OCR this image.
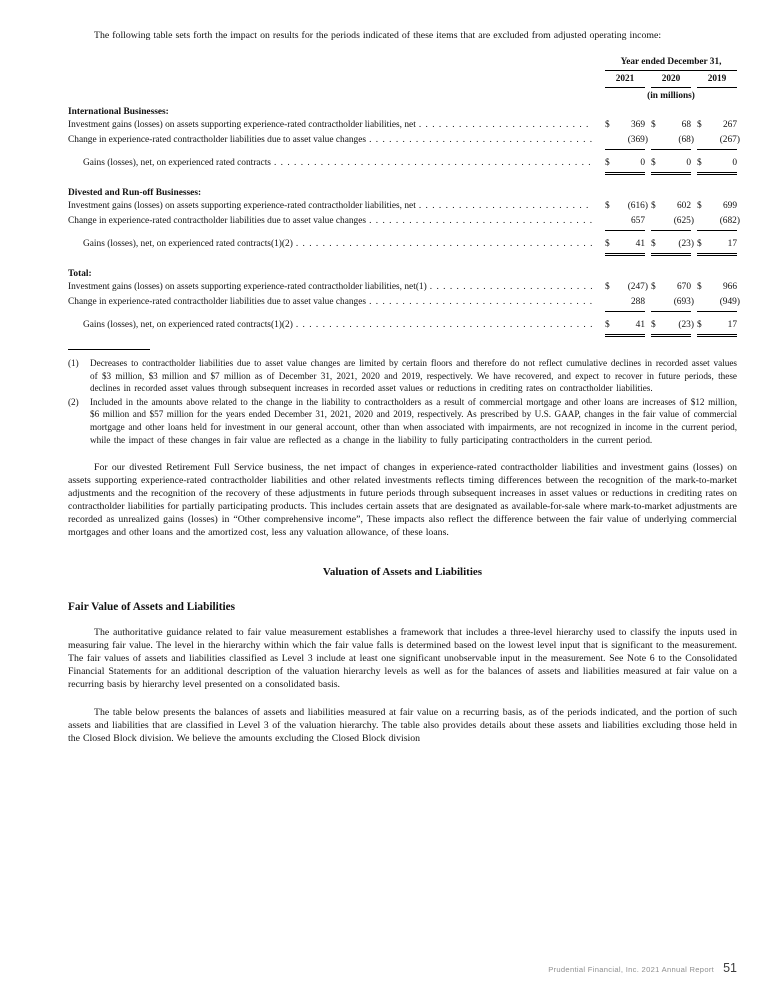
The following table sets forth the impact on results for the periods indicated of these items that are excluded from adjusted operating income:

Year ended December 31,
2021	2020	2019
(in millions)
International Businesses:
Investment gains (losses) on assets supporting experience-rated contractholder liabilities, net . . .	$ 369 $	68 $ 267
Change in experience-rated contractholder liabilities due to asset value changes . . .	(369)	(68)	(267)
Gains (losses), net, on experienced rated contracts . . .	$	0 $	0 $	0
Divested and Run-off Businesses:
Investment gains (losses) on assets supporting experience-rated contractholder liabilities, net . . .	$ (616) $ 602 $ 699
Change in experience-rated contractholder liabilities due to asset value changes . . .	657	(625)	(682)
Gains (losses), net, on experienced rated contracts(1)(2) . . .	$	41 $ (23) $	17
Total:
Investment gains (losses) on assets supporting experience-rated contractholder liabilities, net(1) . . .	$ (247) $ 670 $ 966
Change in experience-rated contractholder liabilities due to asset value changes . . .	288	(693)	(949)
Gains (losses), net, on experienced rated contracts(1)(2) . . .	$	41 $ (23) $	17
(1)	Decreases to contractholder liabilities due to asset value changes are limited by certain floors and therefore do not reflect cumulative declines in recorded asset values of $3 million, $3 million and $7 million as of December 31, 2021, 2020 and 2019, respectively. We have recovered, and expect to recover in future periods, these declines in recorded asset values through subsequent increases in recorded asset values or reductions in crediting rates on contractholder liabilities.
(2)	Included in the amounts above related to the change in the liability to contractholders as a result of commercial mortgage and other loans are increases of $12 million, $6 million and $57 million for the years ended December 31, 2021, 2020 and 2019, respectively. As prescribed by U.S. GAAP, changes in the fair value of commercial mortgage and other loans held for investment in our general account, other than when associated with impairments, are not recognized in income in the current period, while the impact of these changes in fair value are reflected as a change in the liability to fully participating contractholders in the current period.

For our divested Retirement Full Service business, the net impact of changes in experience-rated contractholder liabilities and investment gains (losses) on assets supporting experience-rated contractholder liabilities and other related investments reflects timing differences between the recognition of the mark-to-market adjustments and the recognition of the recovery of these adjustments in future periods through subsequent increases in asset values or reductions in crediting rates on contractholder liabilities for partially participating products. This includes certain assets that are designated as available-for-sale where mark-to-market adjustments are recorded as unrealized gains (losses) in “Other comprehensive income”, These impacts also reflect the difference between the fair value of underlying commercial mortgages and other loans and the amortized cost, less any valuation allowance, of these loans.

Valuation of Assets and Liabilities
Fair Value of Assets and Liabilities

The authoritative guidance related to fair value measurement establishes a framework that includes a three-level hierarchy used to classify the inputs used in measuring fair value. The level in the hierarchy within which the fair value falls is determined based on the lowest level input that is significant to the measurement. The fair values of assets and liabilities classified as Level 3 include at least one significant unobservable input in the measurement. See Note 6 to the Consolidated Financial Statements for an additional description of the valuation hierarchy levels as well as for the balances of assets and liabilities measured at fair value on a recurring basis by hierarchy level presented on a consolidated basis.

The table below presents the balances of assets and liabilities measured at fair value on a recurring basis, as of the periods indicated, and the portion of such assets and liabilities that are classified in Level 3 of the valuation hierarchy. The table also provides details about these assets and liabilities excluding those held in the Closed Block division. We believe the amounts excluding the Closed Block division

Prudential Financial, Inc. 2021 Annual Report 51
